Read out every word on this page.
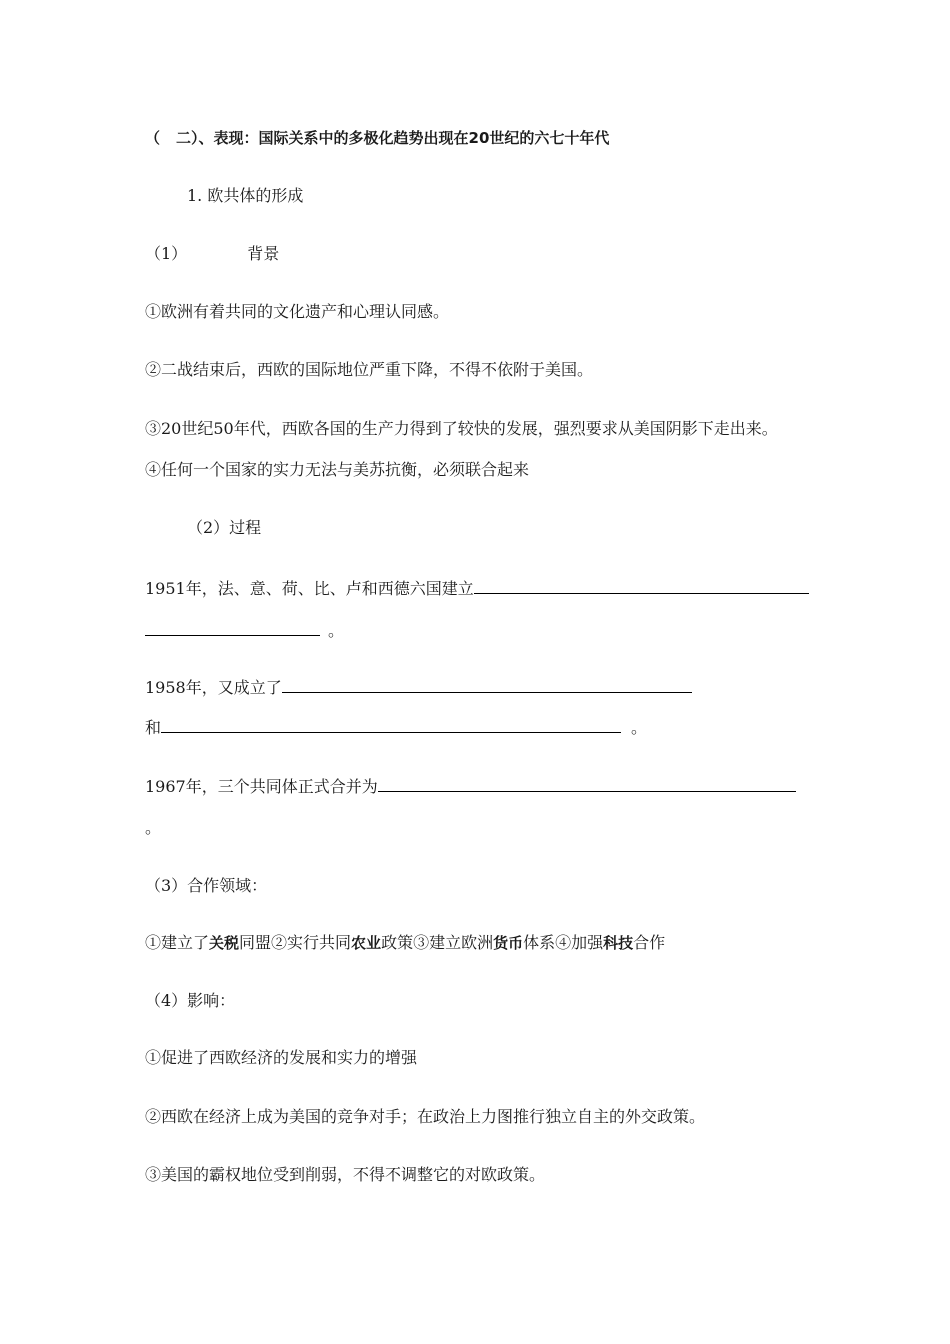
（ 二）、表现：国际关系中的多极化趋势出现在20世纪的六七十年代
1. 欧共体的形成
（1）	背景
①欧洲有着共同的文化遗产和心理认同感。
②二战结束后，西欧的国际地位严重下降，不得不依附于美国。
③20世纪50年代，西欧各国的生产力得到了较快的发展，强烈要求从美国阴影下走出来。
④任何一个国家的实力无法与美苏抗衡，必须联合起来
（2）过程
1951年，法、意、荷、比、卢和西德六国建立
。
1958年，又成立了
和	。
1967年，三个共同体正式合并为
。
（3）合作领域：
①建立了关税同盟②实行共同农业政策③建立欧洲货币体系④加强科技合作
（4）影响：
①促进了西欧经济的发展和实力的增强
②西欧在经济上成为美国的竞争对手；在政治上力图推行独立自主的外交政策。
③美国的霸权地位受到削弱，不得不调整它的对欧政策。
